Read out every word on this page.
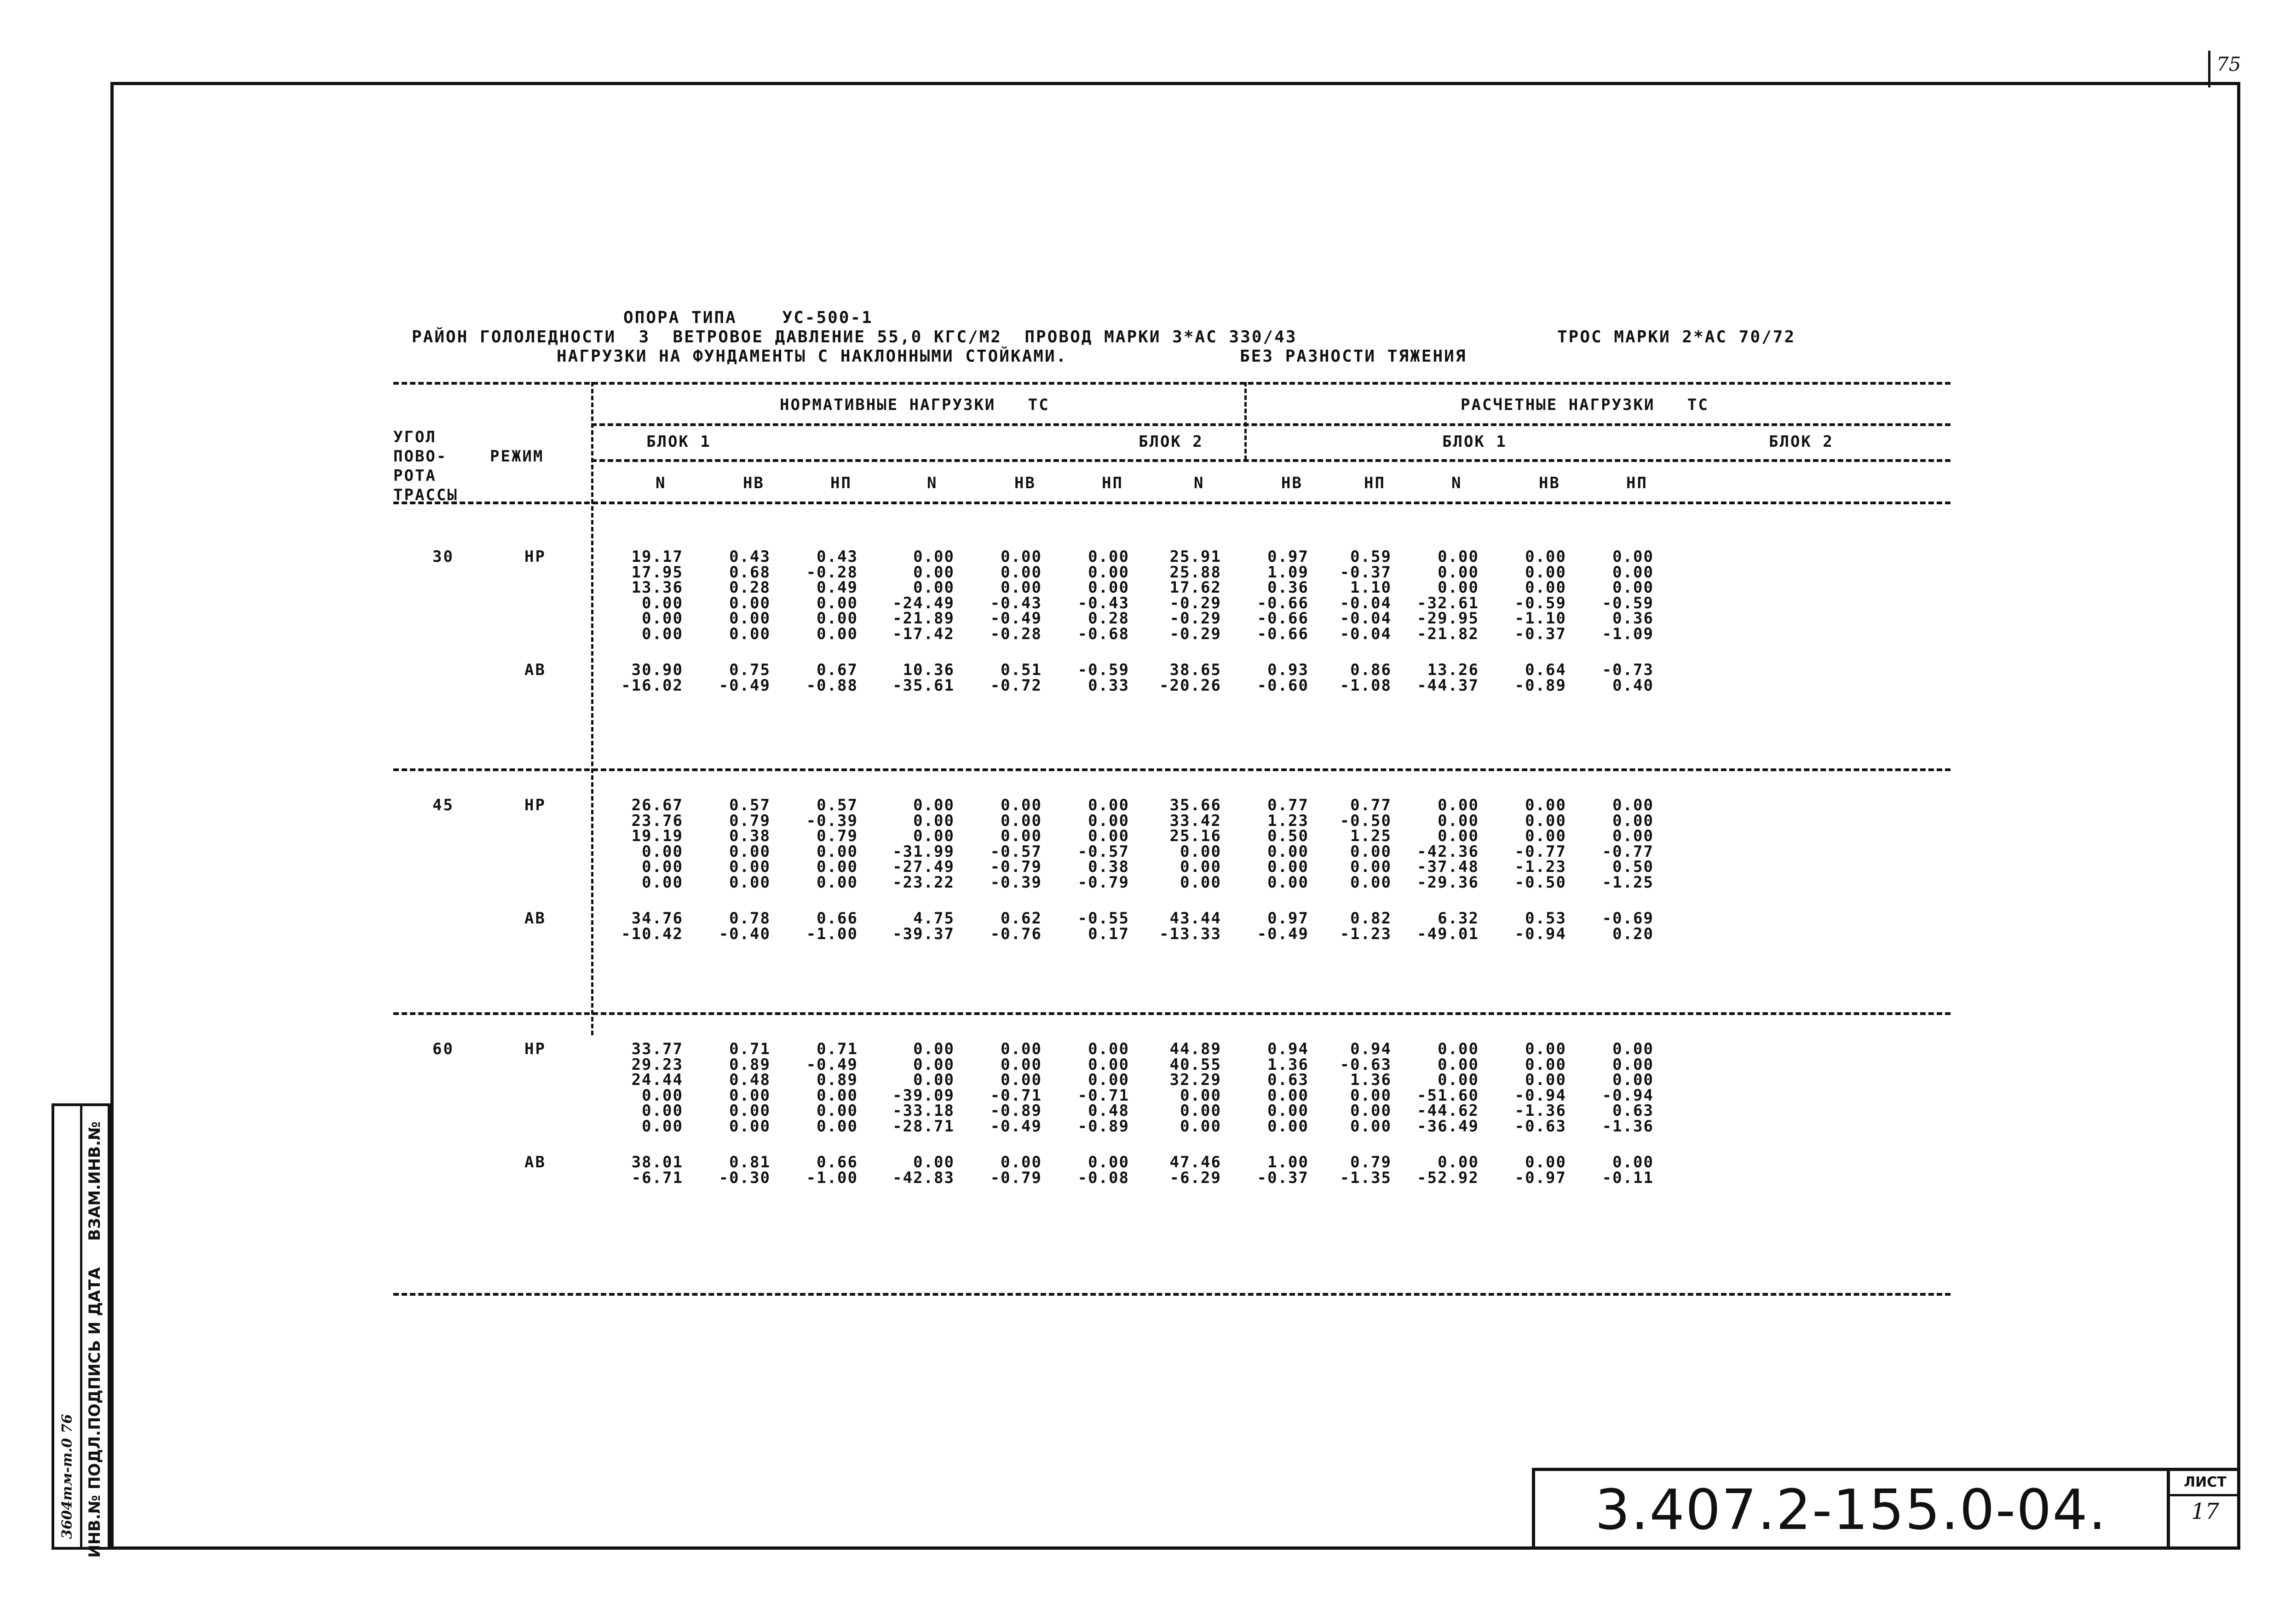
75
3.407.2-155.0-04.	ЛИСТ
17
3604тм-т.0 76 ИНВ.№ ПОДЛ.
ПОДПИСЬ И ДАТА
ВЗАМ.ИНВ.№
ОПОРА ТИПА    УС-500-1
РАЙОН ГОЛОЛЕДНОСТИ  3  ВЕТРОВОЕ ДАВЛЕНИЕ 55,0 КГС/М2  ПРОВОД МАРКИ 3*АС 330/43	ТРОС МАРКИ 2*АС 70/72
НАГРУЗКИ НА ФУНДАМЕНТЫ С НАКЛОННЫМИ СТОЙКАМИ.	БЕЗ РАЗНОСТИ ТЯЖЕНИЯ
НОРМАТИВНЫЕ НАГРУЗКИ   ТС	РАСЧЕТНЫЕ НАГРУЗКИ   ТС
БЛОК 1	БЛОК 2	БЛОК 1	БЛОК 2
УГОЛ
ПОВО-
РОТА
ТРАССЫ
РЕЖИМ
N	НВ	НП	N	НВ	НП	N	НВ	НП	N	НВ	НП
30	НР	19.17	0.43	0.43	0.00	0.00	0.00	25.91	0.97	0.59	0.00	0.00	0.00
17.95	0.68	-0.28	0.00	0.00	0.00	25.88	1.09	-0.37	0.00	0.00	0.00
13.36	0.28	0.49	0.00	0.00	0.00	17.62	0.36	1.10	0.00	0.00	0.00
0.00	0.00	0.00	-24.49	-0.43	-0.43	-0.29	-0.66	-0.04	-32.61	-0.59	-0.59
0.00	0.00	0.00	-21.89	-0.49	0.28	-0.29	-0.66	-0.04	-29.95	-1.10	0.36
0.00	0.00	0.00	-17.42	-0.28	-0.68	-0.29	-0.66	-0.04	-21.82	-0.37	-1.09
АВ	30.90	0.75	0.67	10.36	0.51	-0.59	38.65	0.93	0.86	13.26	0.64	-0.73
-16.02	-0.49	-0.88	-35.61	-0.72	0.33	-20.26	-0.60	-1.08	-44.37	-0.89	0.40
45	НР	26.67	0.57	0.57	0.00	0.00	0.00	35.66	0.77	0.77	0.00	0.00	0.00
23.76	0.79	-0.39	0.00	0.00	0.00	33.42	1.23	-0.50	0.00	0.00	0.00
19.19	0.38	0.79	0.00	0.00	0.00	25.16	0.50	1.25	0.00	0.00	0.00
0.00	0.00	0.00	-31.99	-0.57	-0.57	0.00	0.00	0.00	-42.36	-0.77	-0.77
0.00	0.00	0.00	-27.49	-0.79	0.38	0.00	0.00	0.00	-37.48	-1.23	0.50
0.00	0.00	0.00	-23.22	-0.39	-0.79	0.00	0.00	0.00	-29.36	-0.50	-1.25
АВ	34.76	0.78	0.66	4.75	0.62	-0.55	43.44	0.97	0.82	6.32	0.53	-0.69
-10.42	-0.40	-1.00	-39.37	-0.76	0.17	-13.33	-0.49	-1.23	-49.01	-0.94	0.20
60	НР	33.77	0.71	0.71	0.00	0.00	0.00	44.89	0.94	0.94	0.00	0.00	0.00
29.23	0.89	-0.49	0.00	0.00	0.00	40.55	1.36	-0.63	0.00	0.00	0.00
24.44	0.48	0.89	0.00	0.00	0.00	32.29	0.63	1.36	0.00	0.00	0.00
0.00	0.00	0.00	-39.09	-0.71	-0.71	0.00	0.00	0.00	-51.60	-0.94	-0.94
0.00	0.00	0.00	-33.18	-0.89	0.48	0.00	0.00	0.00	-44.62	-1.36	0.63
0.00	0.00	0.00	-28.71	-0.49	-0.89	0.00	0.00	0.00	-36.49	-0.63	-1.36
АВ	38.01	0.81	0.66	0.00	0.00	0.00	47.46	1.00	0.79	0.00	0.00	0.00
-6.71	-0.30	-1.00	-42.83	-0.79	-0.08	-6.29	-0.37	-1.35	-52.92	-0.97	-0.11
